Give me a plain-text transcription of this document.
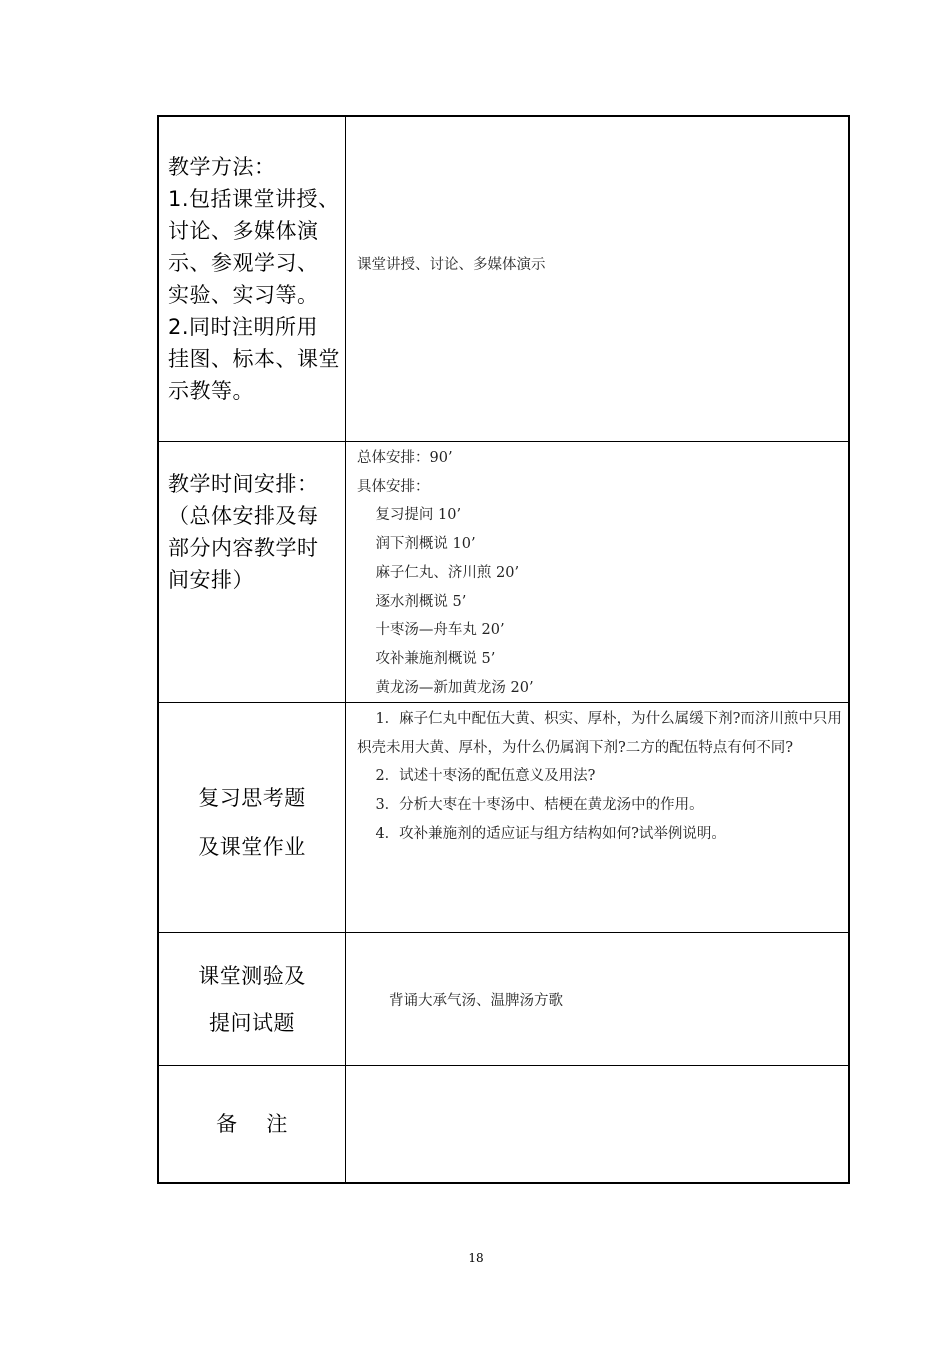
教学方法：
1.包括课堂讲授、
讨论、多媒体演
示、参观学习、
实验、实习等。
2.同时注明所用
挂图、标本、课堂
示教等。
课堂讲授、讨论、多媒体演示
教学时间安排：
（总体安排及每
部分内容教学时
间安排）
总体安排：90’
具体安排：
复习提问 10’
润下剂概说 10’
麻子仁丸、济川煎 20’
逐水剂概说 5’
十枣汤—舟车丸 20’
攻补兼施剂概说 5’
黄龙汤—新加黄龙汤 20’
复习思考题
及课堂作业
1．麻子仁丸中配伍大黄、枳实、厚朴，为什么属缓下剂?而济川煎中只用枳壳未用大黄、厚朴，为什么仍属润下剂?二方的配伍特点有何不同?
2．试述十枣汤的配伍意义及用法?
3．分析大枣在十枣汤中、桔梗在黄龙汤中的作用。
4．攻补兼施剂的适应证与组方结构如何?试举例说明。
课堂测验及
提问试题
背诵大承气汤、温脾汤方歌
备    注
18
